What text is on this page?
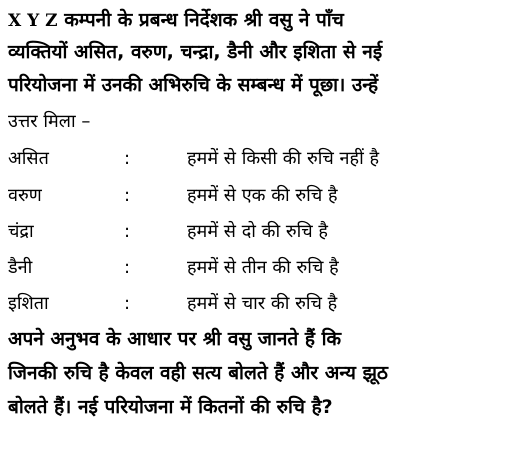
X Y Z कम्पनी के प्रबन्ध निर्देशक श्री वसु ने पाँच
व्यक्तियों असित, वरुण, चन्द्रा, डैनी और इशिता से नई
परियोजना में उनकी अभिरुचि के सम्बन्ध में पूछा। उन्हें
उत्तर मिला –
असित	:	हममें से किसी की रुचि नहीं है
वरुण	:	हममें से एक की रुचि है
चंद्रा	:	हममें से दो की रुचि है
डैनी	:	हममें से तीन की रुचि है
इशिता	:	हममें से चार की रुचि है
अपने अनुभव के आधार पर श्री वसु जानते हैं कि
जिनकी रुचि है केवल वही सत्य बोलते हैं और अन्य झूठ
बोलते हैं। नई परियोजना में कितनों की रुचि है?
